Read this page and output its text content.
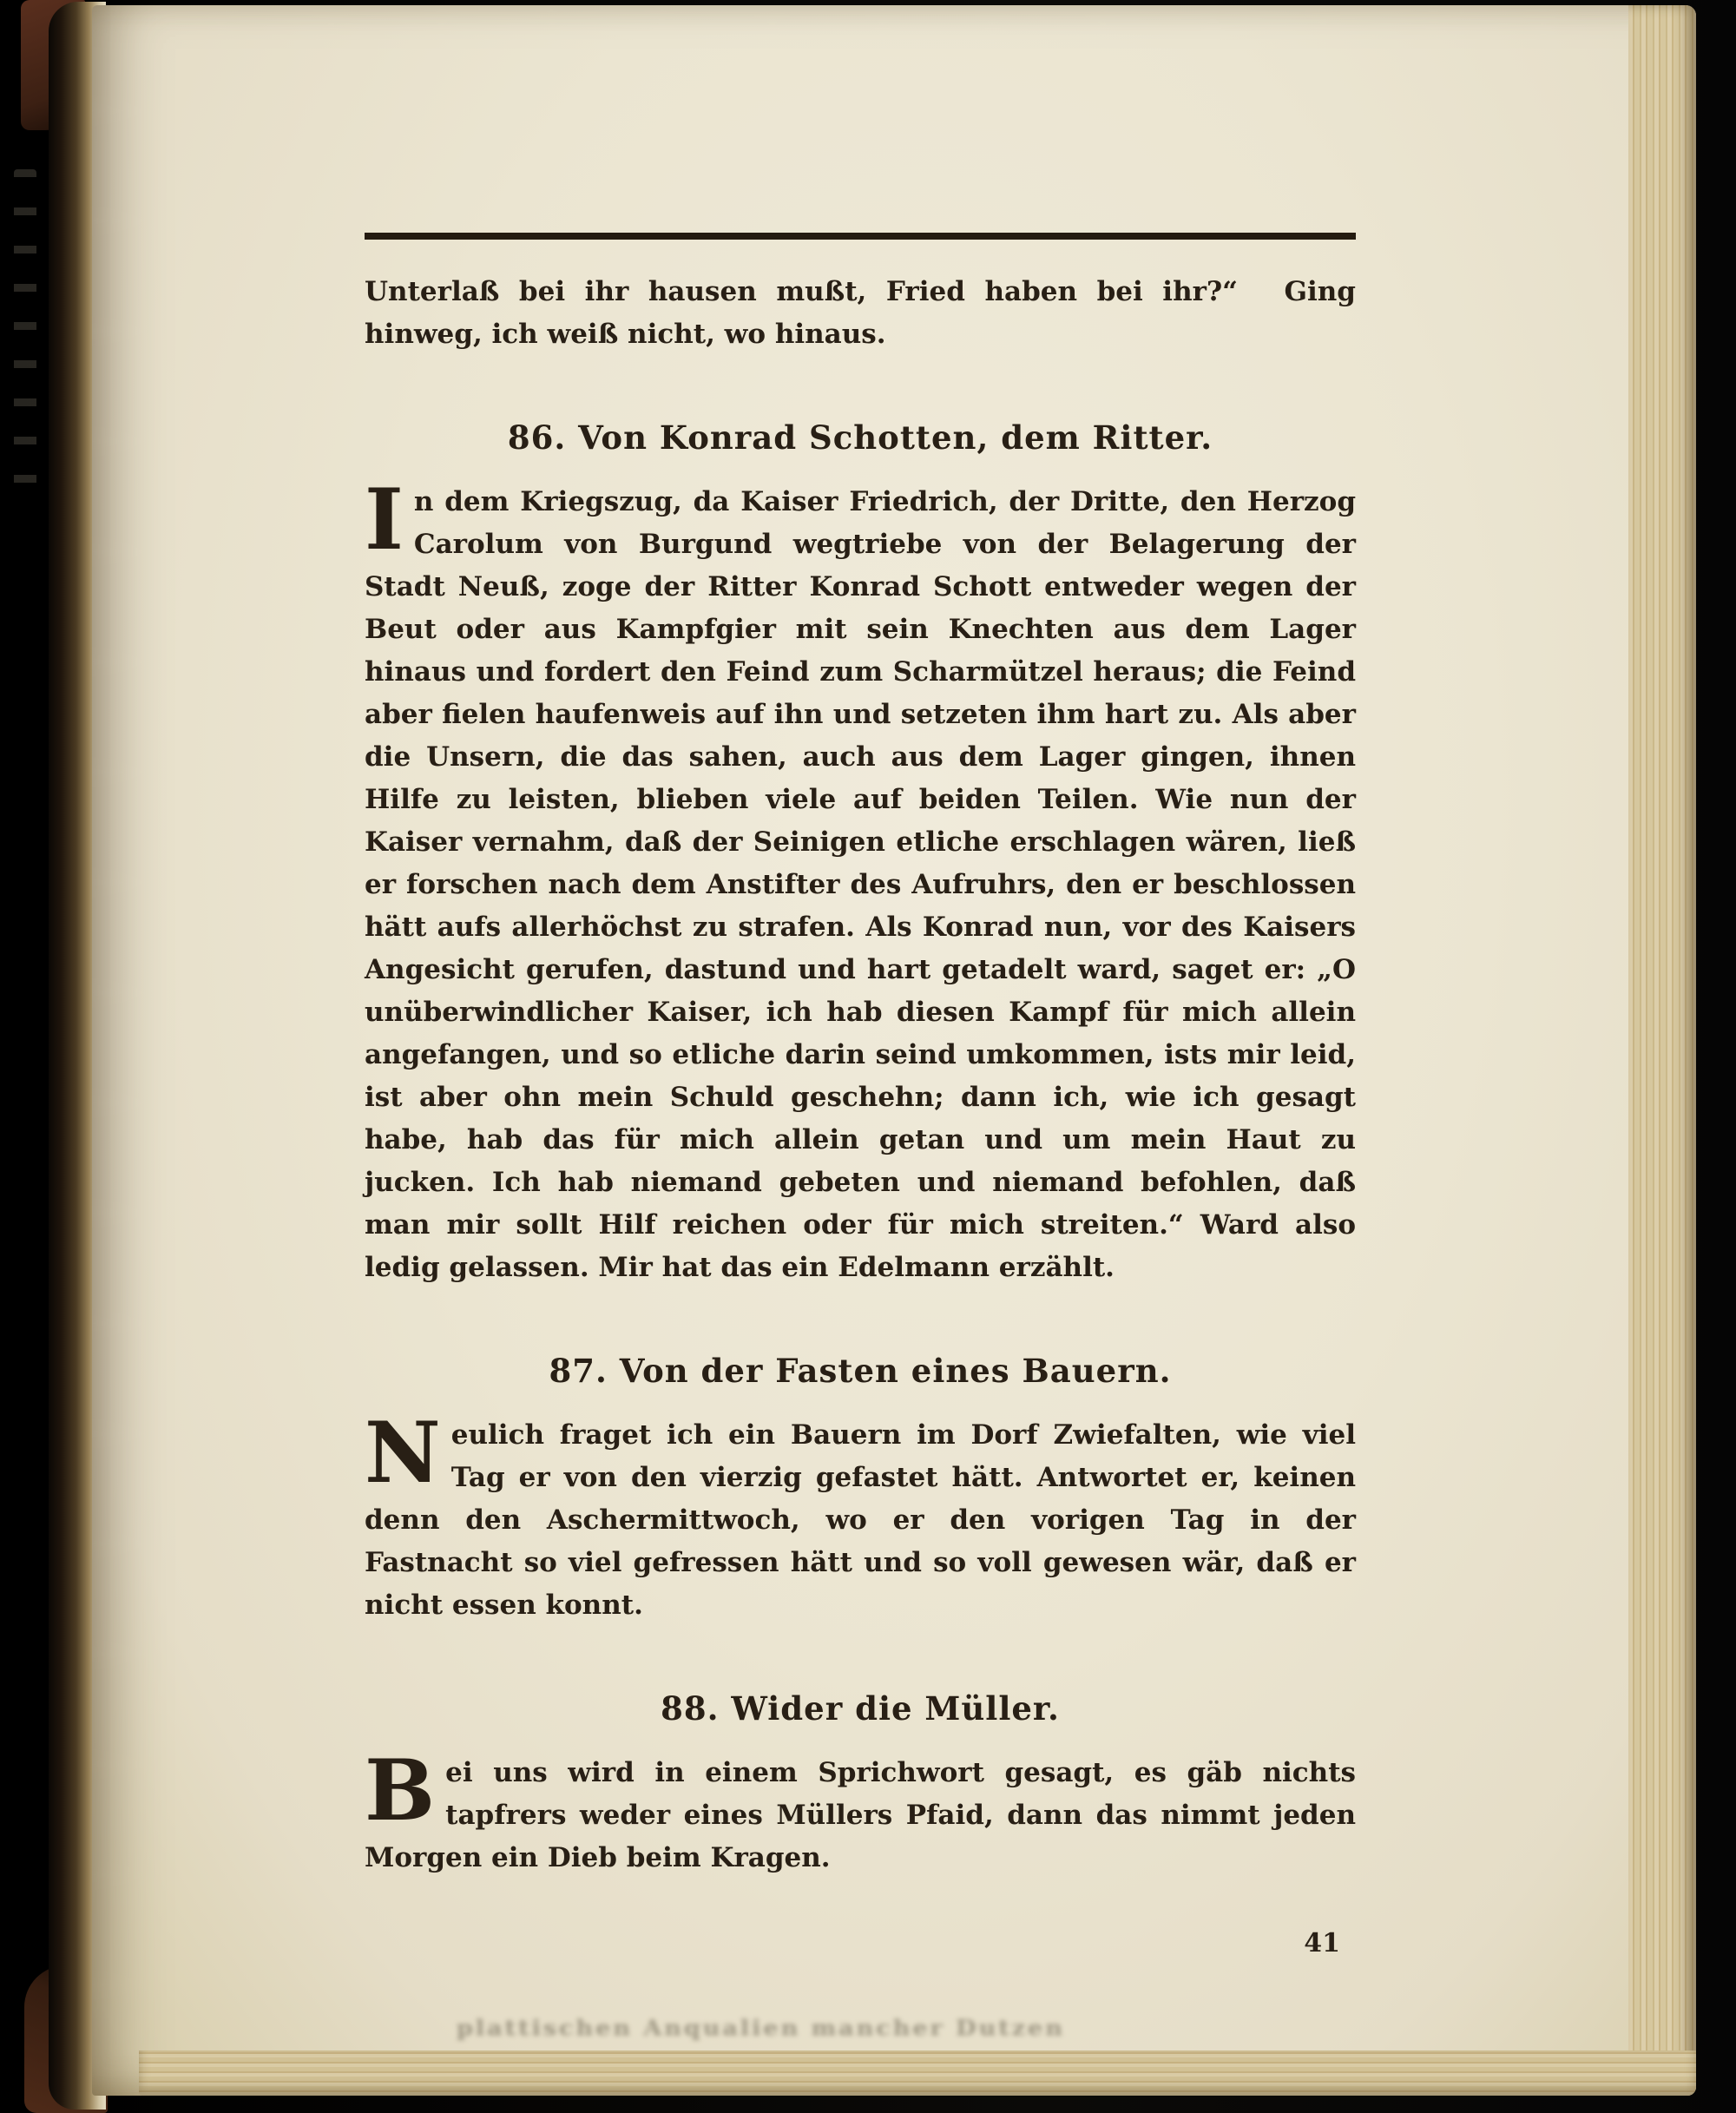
plattischen Anqualien mancher Dutzen

Unterlaß bei ihr hausen mußt, Fried haben bei ihr?“  Ging hinweg, ich weiß nicht, wo hinaus.

86. Von Konrad Schotten, dem Ritter.

In dem Kriegszug, da Kaiser Friedrich, der Dritte, den Herzog Carolum von Burgund wegtriebe von der Belagerung der Stadt Neuß, zoge der Ritter Konrad Schott entweder wegen der Beut oder aus Kampfgier mit sein Knechten aus dem Lager hinaus und fordert den Feind zum Scharmützel heraus; die Feind aber fielen haufenweis auf ihn und setzeten ihm hart zu. Als aber die Unsern, die das sahen, auch aus dem Lager gingen, ihnen Hilfe zu leisten, blieben viele auf beiden Teilen. Wie nun der Kaiser vernahm, daß der Seinigen etliche erschlagen wären, ließ er forschen nach dem Anstifter des Aufruhrs, den er beschlossen hätt aufs allerhöchst zu strafen. Als Konrad nun, vor des Kaisers Angesicht gerufen, dastund und hart getadelt ward, saget er: „O unüberwindlicher Kaiser, ich hab diesen Kampf für mich allein angefangen, und so etliche darin seind umkommen, ists mir leid, ist aber ohn mein Schuld geschehn; dann ich, wie ich gesagt habe, hab das für mich allein getan und um mein Haut zu jucken. Ich hab niemand gebeten und niemand befohlen, daß man mir sollt Hilf reichen oder für mich streiten.“ Ward also ledig gelassen. Mir hat das ein Edelmann erzählt.

87. Von der Fasten eines Bauern.

Neulich fraget ich ein Bauern im Dorf Zwiefalten, wie viel Tag er von den vierzig gefastet hätt. Antwortet er, keinen denn den Aschermittwoch, wo er den vorigen Tag in der Fastnacht so viel gefressen hätt und so voll gewesen wär, daß er nicht essen konnt.

88. Wider die Müller.

Bei uns wird in einem Sprichwort gesagt, es gäb nichts tapfrers weder eines Müllers Pfaid, dann das nimmt jeden Morgen ein Dieb beim Kragen.

41
